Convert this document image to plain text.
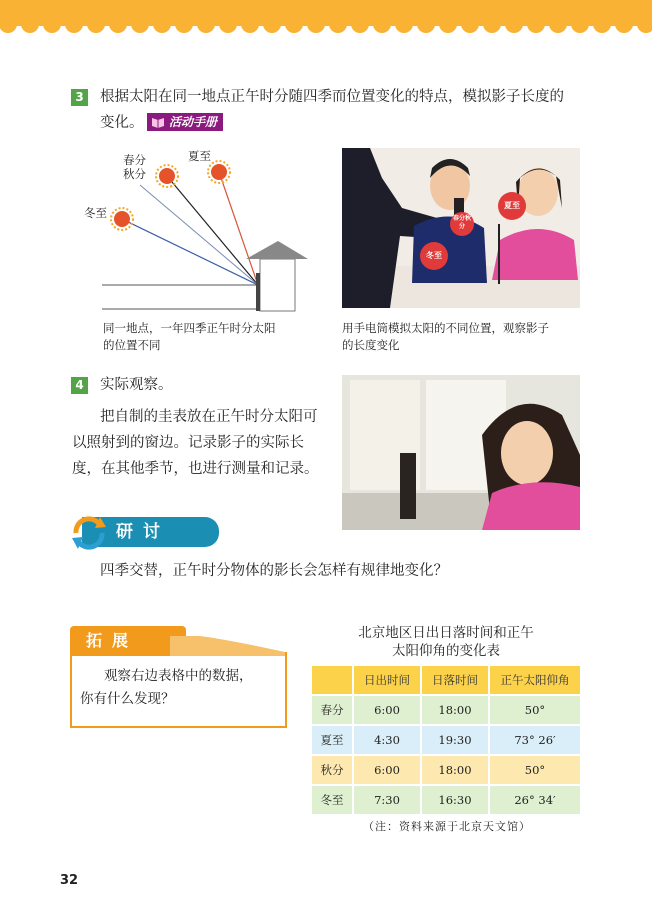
3 根据太阳在同一地点正午时分随四季而位置变化的特点，模拟影子长度的
变化。	活动手册
春分
秋分
夏至
冬至
同一地点，一年四季正午时分太阳
的位置不同
夏至
冬至
春分秋分
用手电筒模拟太阳的不同位置，观察影子
的长度变化
4 实际观察。
把自制的圭表放在正午时分太阳可
以照射到的窗边。记录影子的实际长
度，在其他季节，也进行测量和记录。
研讨
四季交替，正午时分物体的影长会怎样有规律地变化？
拓展
观察右边表格中的数据，
你有什么发现？
北京地区日出日落时间和正午
太阳仰角的变化表
	日出时间	日落时间	正午太阳仰角
春分	6:00	18:00	50°
夏至	4:30	19:30	73° 26′
秋分	6:00	18:00	50°
冬至	7:30	16:30	26° 34′
（注：资料来源于北京天文馆）
32
